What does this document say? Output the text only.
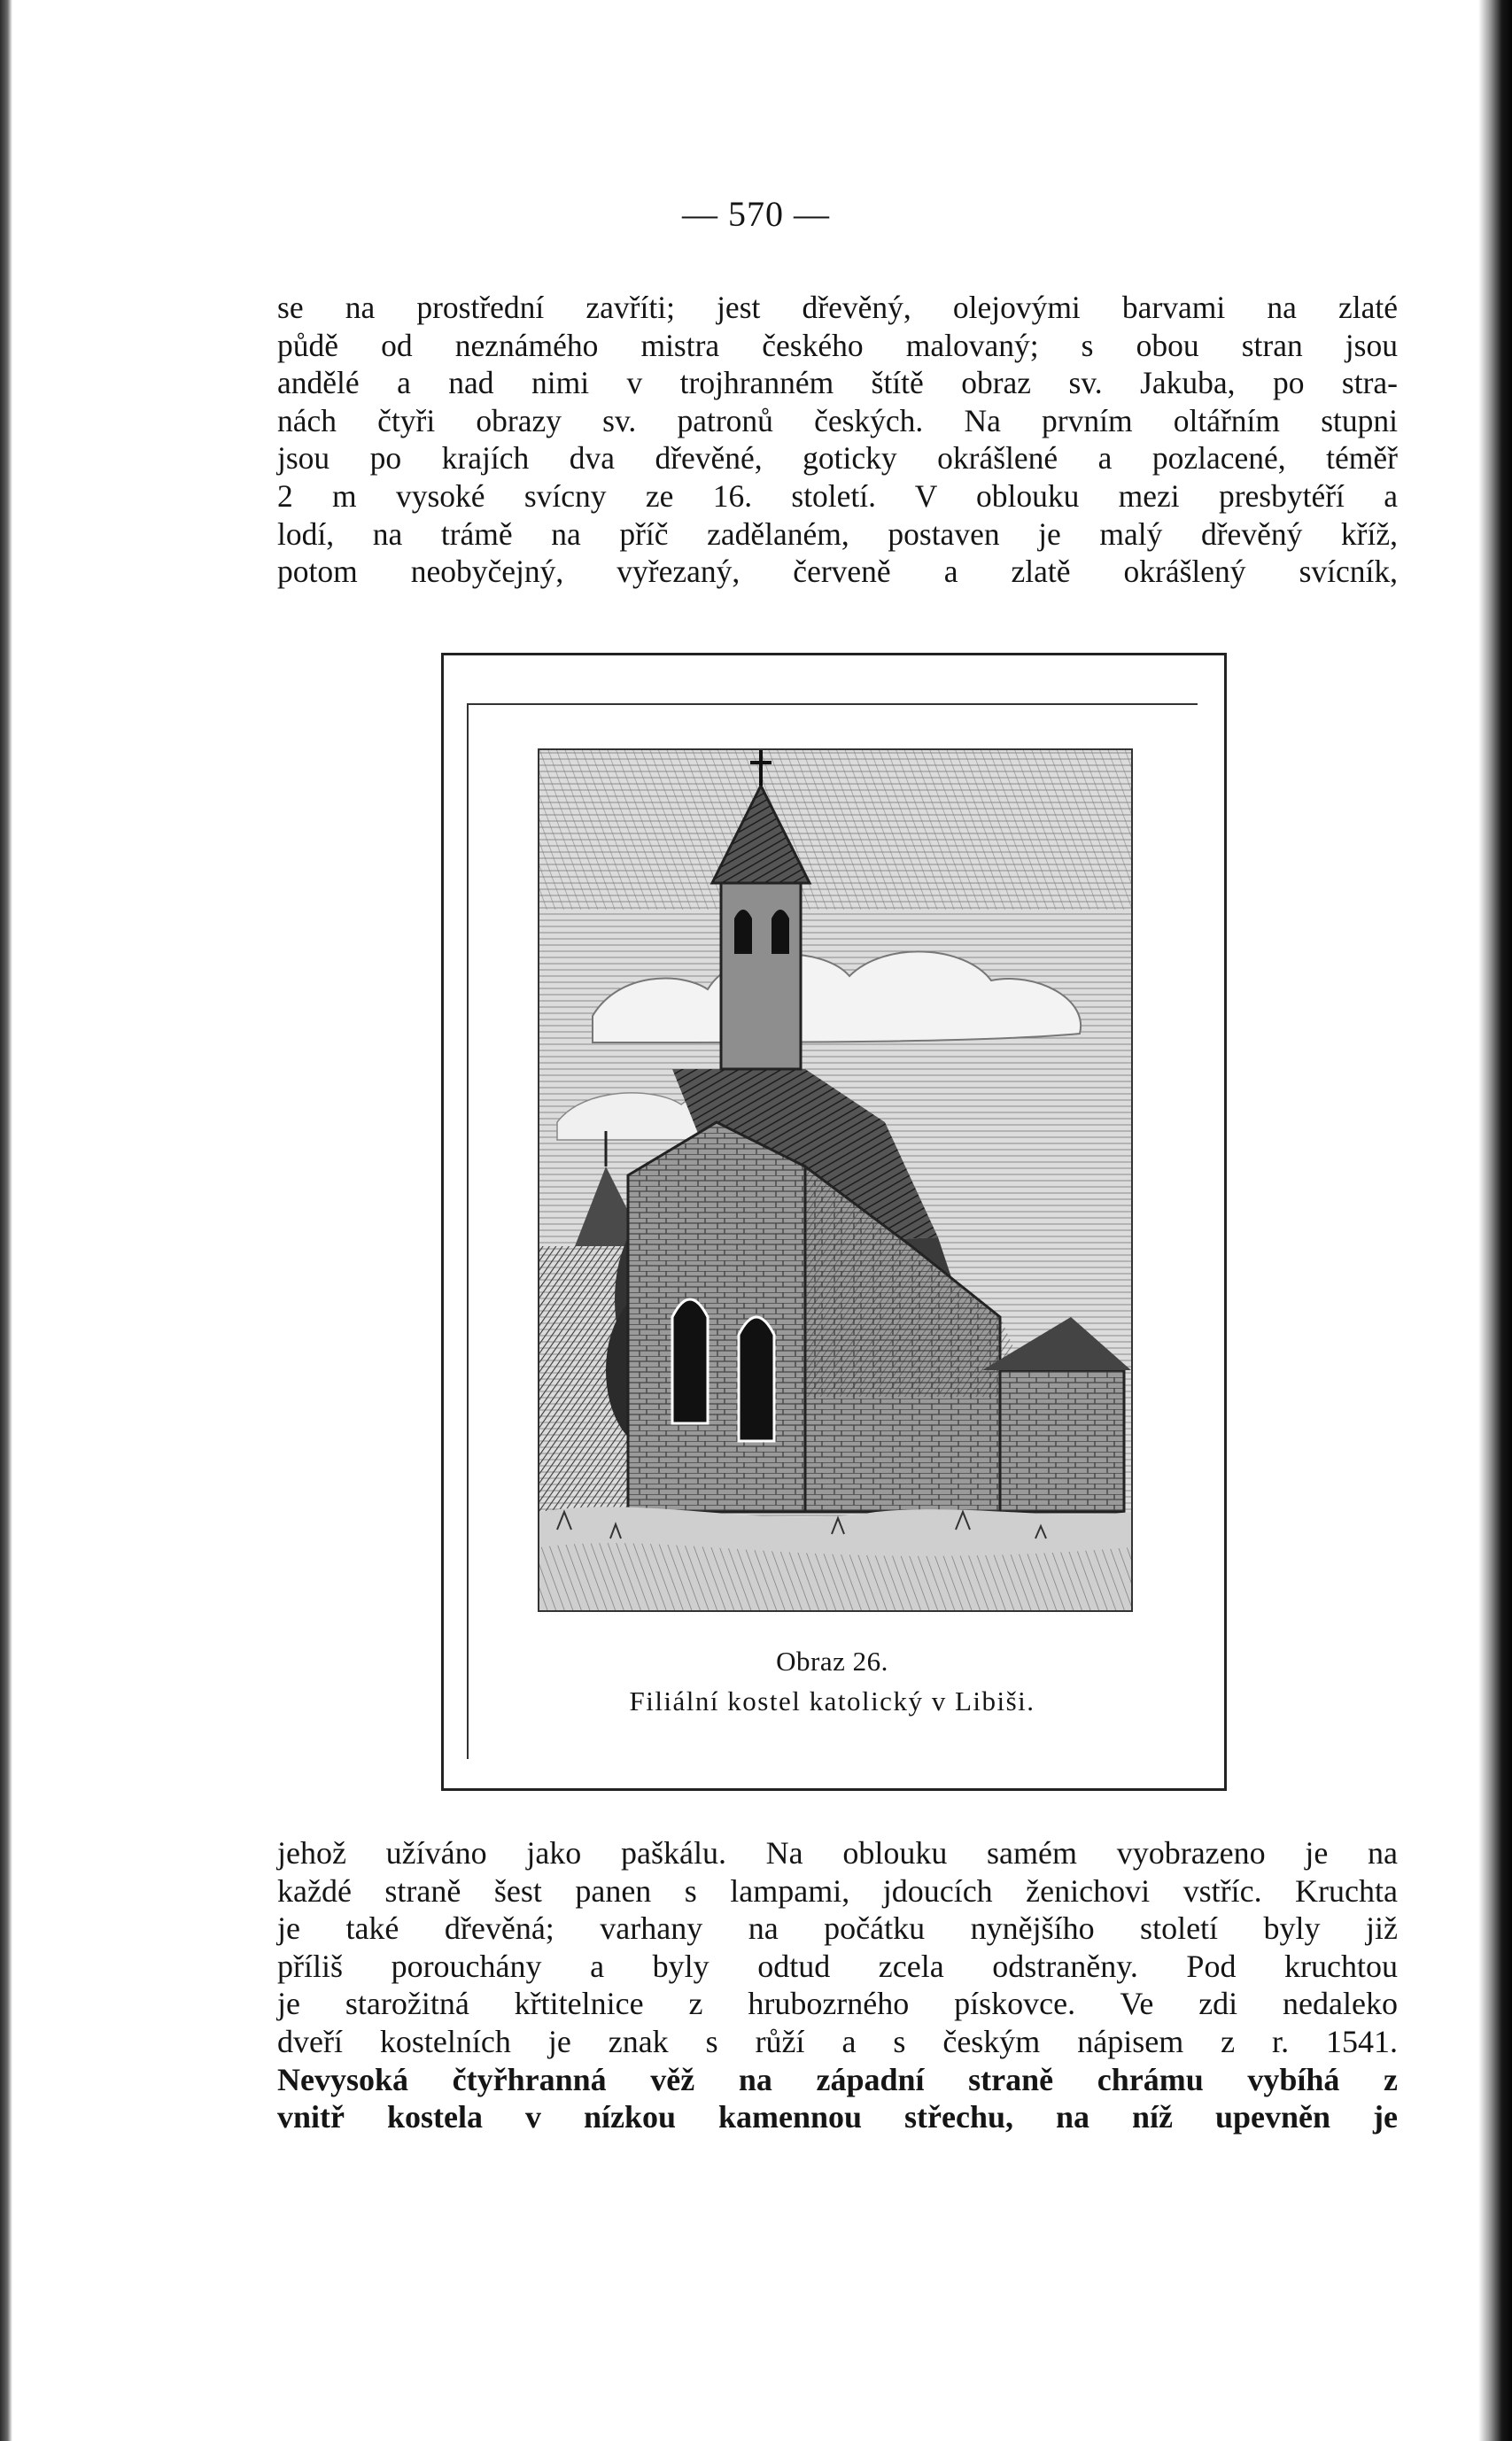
— 570 —
se na prostřední zavříti; jest dřevěný, olejovými barvami na zlaté
půdě od neznámého mistra českého malovaný; s obou stran jsou
andělé a nad nimi v trojhranném štítě obraz sv. Jakuba, po stra-
nách čtyři obrazy sv. patronů českých. Na prvním oltářním stupni
jsou po krajích dva dřevěné, goticky okrášlené a pozlacené, téměř
2 m vysoké svícny ze 16. století. V oblouku mezi presbytéří a
lodí, na trámě na příč zadělaném, postaven je malý dřevěný kříž,
potom neobyčejný, vyřezaný, červeně a zlatě okrášlený svícník,
Obraz 26.
Filiální kostel katolický v Libiši.
jehož užíváno jako paškálu. Na oblouku samém vyobrazeno je na
každé straně šest panen s lampami, jdoucích ženichovi vstříc. Kruchta
je také dřevěná; varhany na počátku nynějšího století byly již
příliš porouchány a byly odtud zcela odstraněny. Pod kruchtou
je starožitná křtitelnice z hrubozrného pískovce. Ve zdi nedaleko
dveří kostelních je znak s růží a s českým nápisem z r. 1541.
Nevysoká čtyřhranná věž na západní straně chrámu vybíhá z
vnitř kostela v nízkou kamennou střechu, na níž upevněn je
